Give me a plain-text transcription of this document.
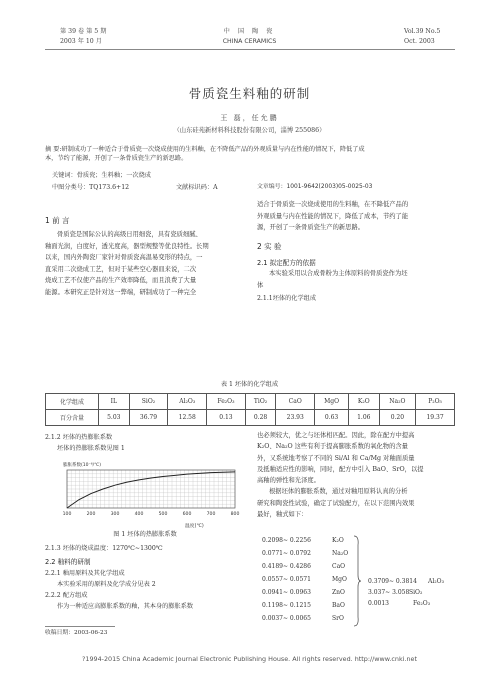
第 39 卷 第 5 期
2003 年 10 月
中 国 陶 瓷
CHINA CERAMICS
Vol.39 No.5
Oct. 2003
骨质瓷生料釉的研制
王 磊，任允鹏
（山东硅苑新材料科技股份有限公司，淄博 255086）
摘 要:研制成功了一种适合于骨质瓷一次烧成使用的生料釉，在不降低产品的外观质量与内在性能的情况下，降低了成
本，节约了能源，开创了一条骨质瓷生产的新思路。
关键词：骨质瓷；生料釉；一次烧成
中图分类号：TQ173.6+12	文献标识码：A	文章编号：1001-9642(2003)05-0025-03
1 前 言
骨质瓷是国际公认的高级日用细瓷，具有瓷质细腻、
釉面光润，白度好，透光度高，器型规整等优良特性。长期
以来，国内外陶瓷厂家针对骨质瓷高温易变形的特点，一
直采用二次烧成工艺，但对于某些空心器皿来说，二次
烧成工艺不仅使产品的生产效率降低，而且浪费了大量
能源。本研究正是针对这一弊端，研制成功了一种完全
适合于骨质瓷一次烧成使用的生料釉，在不降低产品的
外观质量与内在性能的情况下，降低了成本，节约了能
源，开创了一条骨质瓷生产的新思路。
2 实 验
2.1 拟定配方的依据
本实验采用以合成骨粉为主体原料的骨质瓷作为坯
体
2.1.1坯体的化学组成
表 1 坯体的化学组成
化学组成	IL	SiO₂	Al₂O₃	Fe₂O₃	TiO₂	CaO	MgO	K₂O	Na₂O	P₂O₅
百分含量	5.03	36.79	12.58	0.13	0.28	23.93	0.63	1.06	0.20	19.37
2.1.2 坯体的热膨胀系数
坯体的热膨胀系数见图 1
膨胀系数(10⁻⁶/℃)
100	200	300	400	500	600	700	800
温度(℃)
图 1 坯体的热膨胀系数
2.1.3 坯体的烧成温度：1270℃~1300℃
2.2 釉料的研制
2.2.1 釉用原料及其化学组成
本实验采用的原料及化学成分见表 2
2.2.2 配方组成
作为一种适应高膨胀系数的釉，其本身的膨胀系数
也必须较大，优之与坯体相匹配。因此，除在配方中提高
K₂O、Na₂O 这些有利于提高膨胀系数的氧化物的含量
外，又系统地考察了不同的 Si/Al 和 Ca/Mg 对釉面质量
及抵釉适应性的影响，同时，配方中引入 BaO、SrO，以提
高釉的弹性和光泽度。
根据坯体的膨胀系数，通过对釉用原料认真的分析
研究和陶瓷性试验，确定了试验配方，在以下范围内效果
最好，釉式如下：
0.2098~ 0.2256	K₂O
0.0771~ 0.0792	Na₂O
0.4189~ 0.4286	CaO
0.0557~ 0.0571	MgO
0.0941~ 0.0963	ZnO
0.1198~ 0.1215	BaO
0.0037~ 0.0065	SrO
0.3709~ 0.3814 Al₂O₃
3.037~ 3.058 SiO₂
0.0013	Fe₂O₃
收稿日期：2003-06-23
?1994-2015 China Academic Journal Electronic Publishing House. All rights reserved. http://www.cnki.net
